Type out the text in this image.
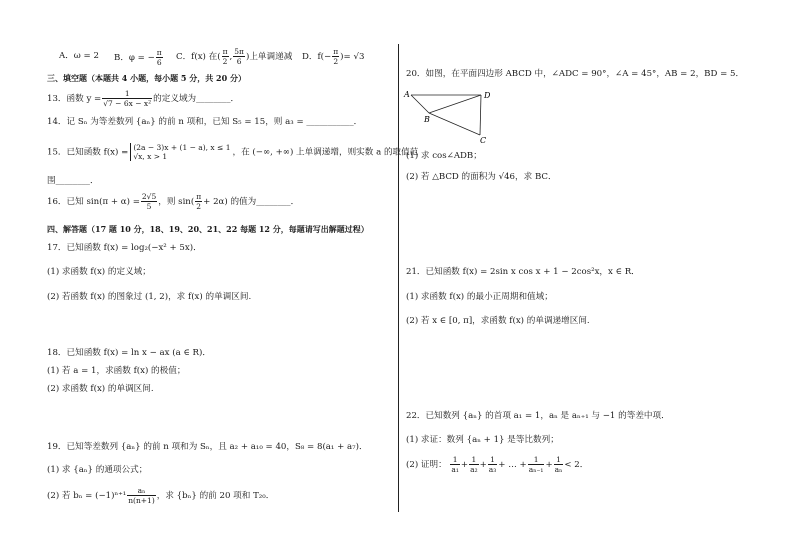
A．ω = 2 B．φ = − $\frac{\pi}{6}$ C．f(x) 在( $\frac{\pi}{2}$ , $\frac{5\pi}{6}$ )上单调递减 D．$f(- \frac{\pi}{2}$ )= √3
三、填空题（本题共 4 小题，每小题 5 分，共 20 分）
13．函数 $y = \frac{1}{\text{√7 − 6x − x²}}$ 的定义域为________．
14．记 Sₙ 为等差数列 {aₙ} 的前 n 项和，已知 S₅ = 15，则 a₃ = ___________．
15．已知函数 f(x) = (2a − 3)x + (1 − a), x ≤ 1
√x, x > 1	，在 (−∞, +∞) 上单调递增，则实数 a 的取值范
围________．
16．已知 $\sin(\pi + \alpha) = \frac{2√5}{5}$ ，则 $\sin( \frac{\pi}{2} + 2\alpha)$ 的值为________．
四、解答题（17 题 10 分，18、19、20、21、22 每题 12 分，每题请写出解题过程）
17．已知函数 f(x) = log₂(−x² + 5x)．
(1) 求函数 f(x) 的定义域；
(2) 若函数 f(x) 的图象过 (1, 2)，求 f(x) 的单调区间.
18．已知函数 f(x) = ln x − ax (a ∈ R)．
(1) 若 a = 1，求函数 f(x) 的极值；
(2) 求函数 f(x) 的单调区间.
19．已知等差数列 {aₙ} 的前 n 项和为 Sₙ，且 a₂ + a₁₀ = 40，S₈ = 8(a₁ + a₇)．
(1) 求 {aₙ} 的通项公式；
(2) 若 $b_n = (-1)^{n+1} \frac{\text{aₙ}}{n(n+1)}$ ，求 {bₙ} 的前 20 项和 T₂₀．
20．如图，在平面四边形 ABCD 中，∠ADC = 90°，∠A = 45°，AB = 2，BD = 5．
A	D
B
C
(1) 求 cos∠ADB；
(2) 若 △BCD 的面积为 √46，求 BC．
21．已知函数 f(x) = 2sin x cos x + 1 − 2cos²x，x ∈ R．
(1) 求函数 f(x) 的最小正周期和值域；
(2) 若 x ∈ [0, π]，求函数 f(x) 的单调递增区间.
22．已知数列 {aₙ} 的首项 a₁ = 1，aₙ 是 aₙ₊₁ 与 −1 的等差中项．
(1) 求证：数列 {aₙ + 1} 是等比数列；
(2) 证明： $\frac{1}{\text{a₁}} + \frac{1}{\text{a₂}} + \frac{1}{\text{a₃}}$ + … + $\frac{1}{\text{aₙ₋₁}} + \frac{1}{\text{aₙ}} < 2$．
